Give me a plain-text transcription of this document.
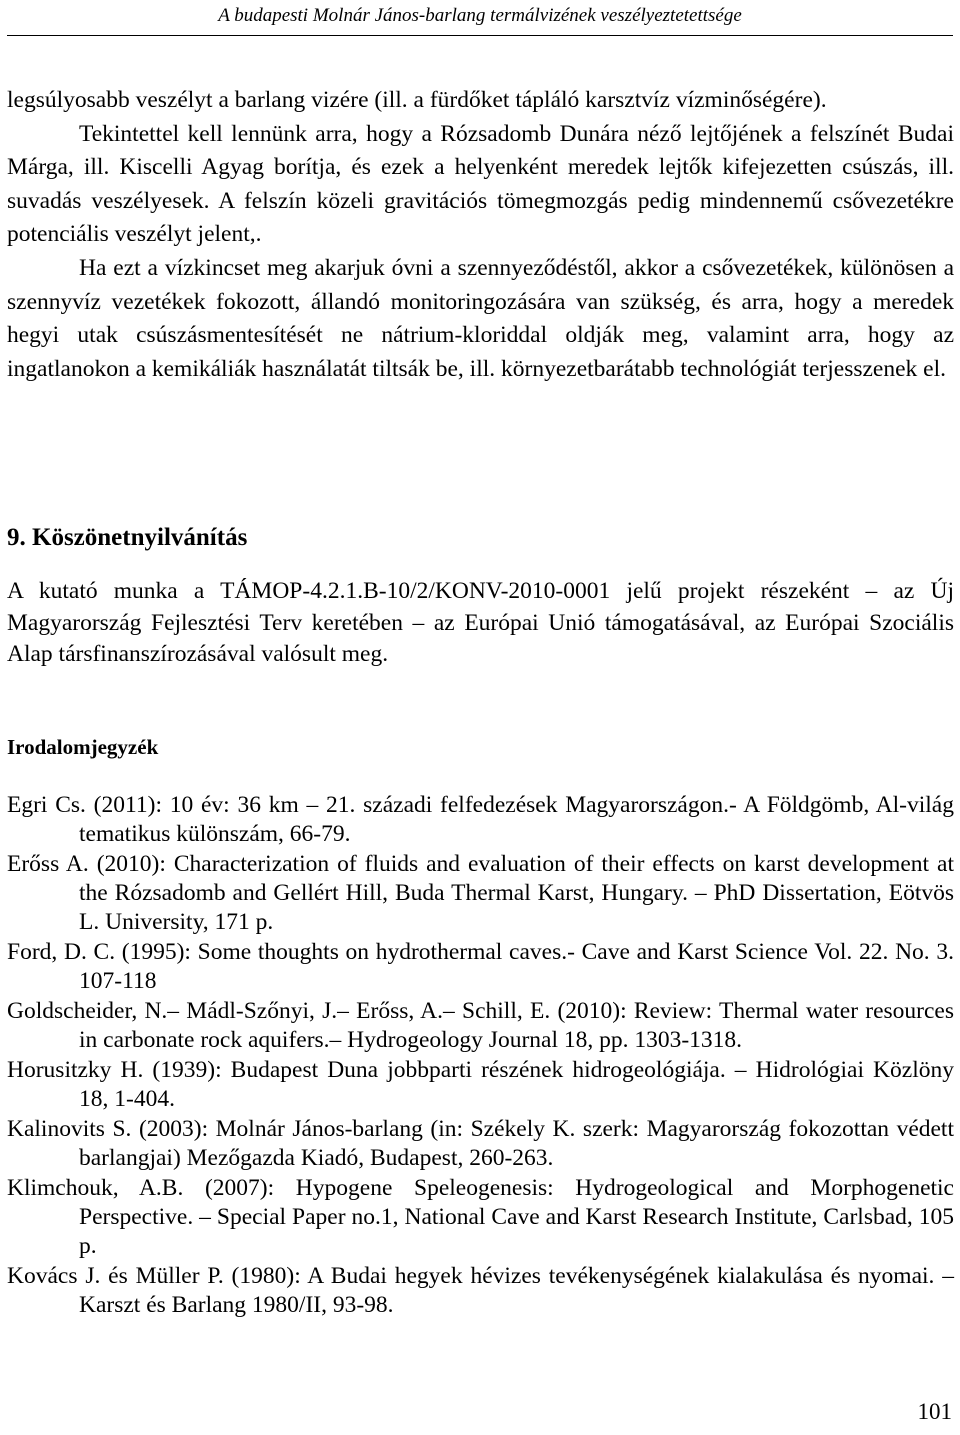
A budapesti Molnár János-barlang termálvizének veszélyeztetettsége

legsúlyosabb veszélyt a barlang vizére (ill. a fürdőket tápláló karsztvíz vízminőségére).

Tekintettel kell lennünk arra, hogy a Rózsadomb Dunára néző lejtőjének a felszínét Budai Márga, ill. Kiscelli Agyag borítja, és ezek a helyenként meredek lejtők kifejezetten csúszás, ill. suvadás veszélyesek. A felszín közeli gravitációs tömegmozgás pedig mindennemű csővezetékre potenciális veszélyt jelent,.

Ha ezt a vízkincset meg akarjuk óvni a szennyeződéstől, akkor a csővezetékek, különösen a szennyvíz vezetékek fokozott, állandó monitoringozására van szükség, és arra, hogy a meredek hegyi utak csúszásmentesítését ne nátrium-kloriddal oldják meg, valamint arra, hogy az ingatlanokon a kemikáliák használatát tiltsák be, ill. környezetbarátabb technológiát terjesszenek el.

9. Köszönetnyilvánítás

A kutató munka a TÁMOP-4.2.1.B-10/2/KONV-2010-0001 jelű projekt részeként – az Új Magyarország Fejlesztési Terv keretében – az Európai Unió támogatásával, az Európai Szociális Alap társfinanszírozásával valósult meg.

Irodalomjegyzék
Egri Cs. (2011): 10 év: 36 km – 21. századi felfedezések Magyarországon.- A Földgömb, Al-világ tematikus különszám, 66-79.
Erőss A. (2010): Characterization of fluids and evaluation of their effects on karst development at the Rózsadomb and Gellért Hill, Buda Thermal Karst, Hungary. – PhD Dissertation, Eötvös L. University, 171 p.
Ford, D. C. (1995): Some thoughts on hydrothermal caves.- Cave and Karst Science Vol. 22. No. 3. 107-118
Goldscheider, N.– Mádl-Szőnyi, J.– Erőss, A.– Schill, E. (2010): Review: Thermal water resources in carbonate rock aquifers.– Hydrogeology Journal 18, pp. 1303-1318.
Horusitzky H. (1939): Budapest Duna jobbparti részének hidrogeológiája. – Hidrológiai Közlöny 18, 1-404.
Kalinovits S. (2003): Molnár János-barlang (in: Székely K. szerk: Magyarország fokozottan védett barlangjai) Mezőgazda Kiadó, Budapest, 260-263.
Klimchouk, A.B. (2007): Hypogene Speleogenesis: Hydrogeological and Morphogenetic Perspective. – Special Paper no.1, National Cave and Karst Research Institute, Carlsbad, 105 p.
Kovács J. és Müller P. (1980): A Budai hegyek hévizes tevékenységének kialakulása és nyomai. – Karszt és Barlang 1980/II, 93-98.
101
